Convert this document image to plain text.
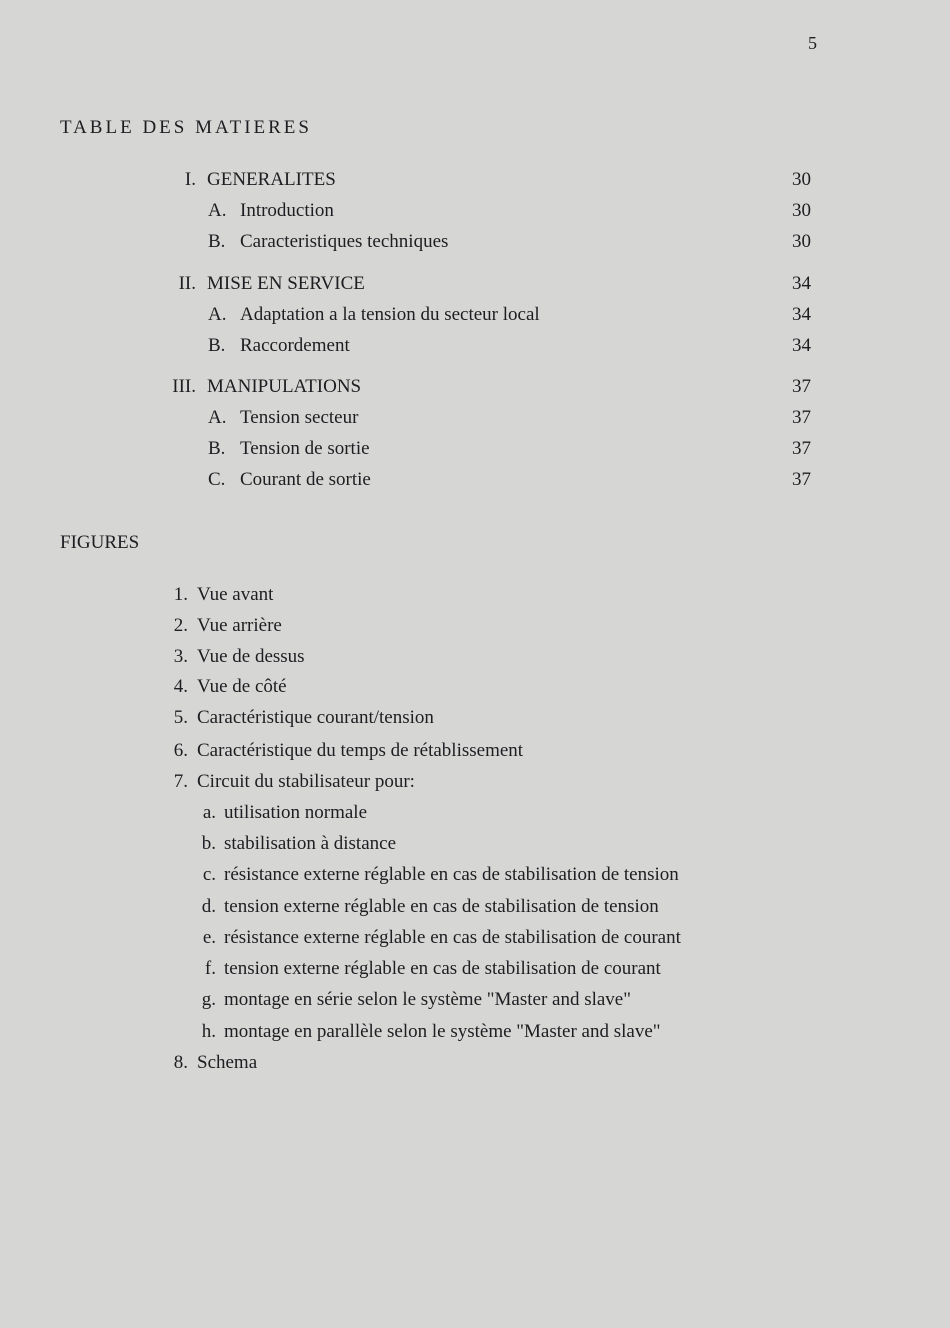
5
TABLE DES MATIERES
I. GENERALITES	30
A. Introduction	30
B. Caracteristiques techniques	30
II. MISE EN SERVICE	34
A. Adaptation a la tension du secteur local	34
B. Raccordement	34
III. MANIPULATIONS	37
A. Tension secteur	37
B. Tension de sortie	37
C. Courant de sortie	37
FIGURES
1. Vue avant
2. Vue arrière
3. Vue de dessus
4. Vue de côté
5. Caractéristique courant/tension
6. Caractéristique du temps de rétablissement
7. Circuit du stabilisateur pour:
a. utilisation normale
b. stabilisation à distance
c. résistance externe réglable en cas de stabilisation de tension
d. tension externe réglable en cas de stabilisation de tension
e. résistance externe réglable en cas de stabilisation de courant
f. tension externe réglable en cas de stabilisation de courant
g. montage en série selon le système "Master and slave"
h. montage en parallèle selon le système "Master and slave"
8. Schema
